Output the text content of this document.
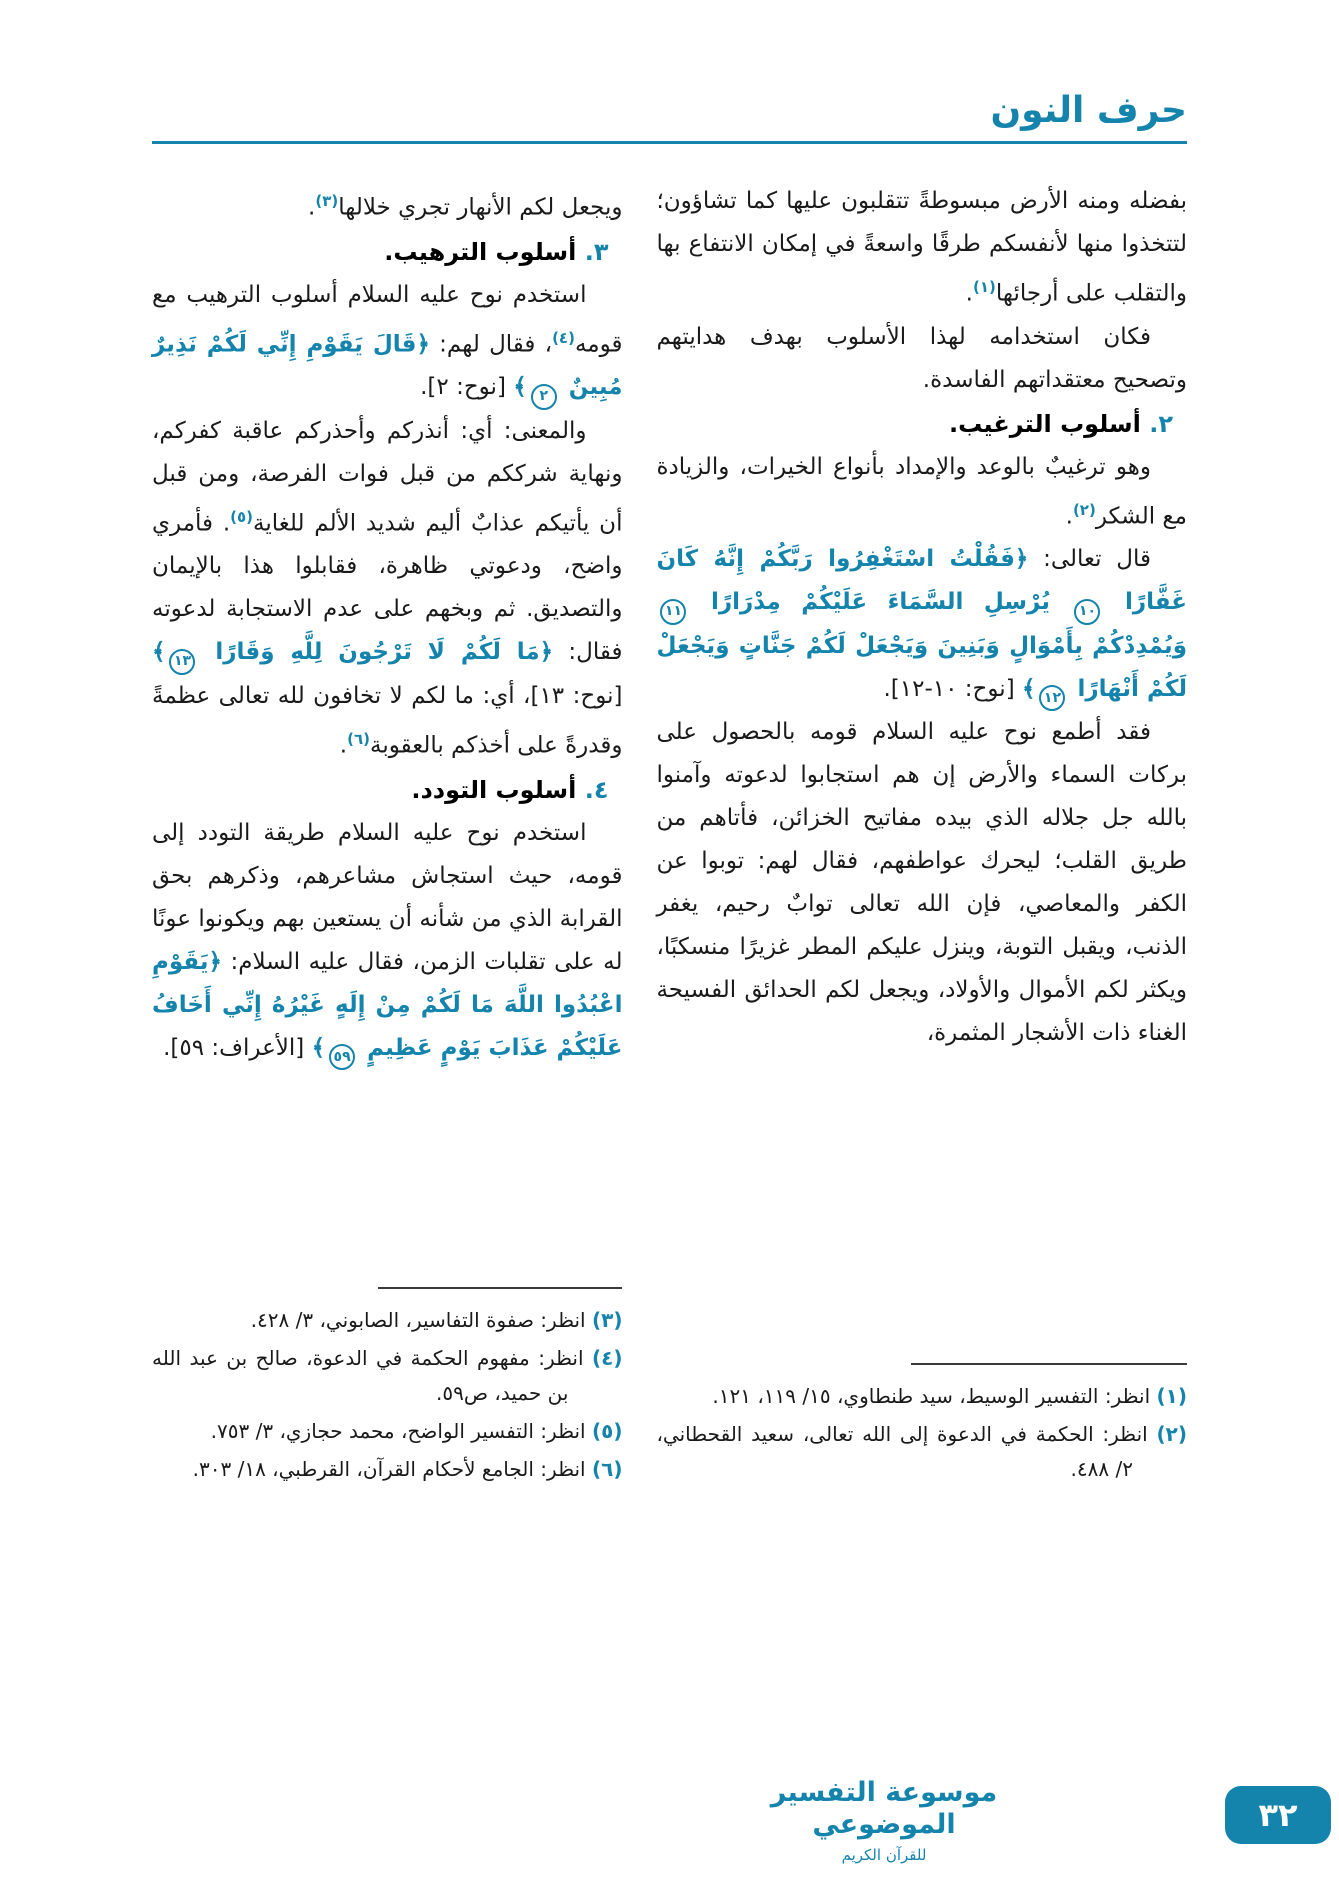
حرف النون

بفضله ومنه الأرض مبسوطةً تتقلبون عليها كما تشاؤون؛ لتتخذوا منها لأنفسكم طرقًا واسعةً في إمكان الانتفاع بها والتقلب على أرجائها$^{(١)}$.

فكان استخدامه لهذا الأسلوب بهدف هدايتهم وتصحيح معتقداتهم الفاسدة.

٢. أسلوب الترغيب.

وهو ترغيبٌ بالوعد والإمداد بأنواع الخيرات، والزيادة مع الشكر$^{(٢)}$.

قال تعالى: ﴿فَقُلْتُ اسْتَغْفِرُوا رَبَّكُمْ إِنَّهُ كَانَ غَفَّارًا ١٠ يُرْسِلِ السَّمَاءَ عَلَيْكُمْ مِدْرَارًا ١١ وَيُمْدِدْكُمْ بِأَمْوَالٍ وَبَنِينَ وَيَجْعَلْ لَكُمْ جَنَّاتٍ وَيَجْعَلْ لَكُمْ أَنْهَارًا ١٢﴾ [نوح: ١٠-١٢].

فقد أطمع نوح عليه السلام قومه بالحصول على بركات السماء والأرض إن هم استجابوا لدعوته وآمنوا بالله جل جلاله الذي بيده مفاتيح الخزائن، فأتاهم من طريق القلب؛ ليحرك عواطفهم، فقال لهم: توبوا عن الكفر والمعاصي، فإن الله تعالى توابٌ رحيم، يغفر الذنب، ويقبل التوبة، وينزل عليكم المطر غزيرًا منسكبًا، ويكثر لكم الأموال والأولاد، ويجعل لكم الحدائق الفسيحة الغناء ذات الأشجار المثمرة،

(١) انظر: التفسير الوسيط، سيد طنطاوي، ١٥/ ١١٩، ١٢١.

(٢) انظر: الحكمة في الدعوة إلى الله تعالى، سعيد القحطاني، ٢/ ٤٨٨.

ويجعل لكم الأنهار تجري خلالها$^{(٣)}$.

٣. أسلوب الترهيب.

استخدم نوح عليه السلام أسلوب الترهيب مع قومه$^{(٤)}$، فقال لهم: ﴿قَالَ يَقَوْمِ إِنِّي لَكُمْ نَذِيرٌ مُبِينٌ ٢﴾ [نوح: ٢].

والمعنى: أي: أنذركم وأحذركم عاقبة كفركم، ونهاية شرككم من قبل فوات الفرصة، ومن قبل أن يأتيكم عذابٌ أليم شديد الألم للغاية$^{(٥)}$. فأمري واضح، ودعوتي ظاهرة، فقابلوا هذا بالإيمان والتصديق. ثم وبخهم على عدم الاستجابة لدعوته فقال: ﴿مَا لَكُمْ لَا تَرْجُونَ لِلَّهِ وَقَارًا ١٣﴾ [نوح: ١٣]، أي: ما لكم لا تخافون لله تعالى عظمةً وقدرةً على أخذكم بالعقوبة$^{(٦)}$.

٤. أسلوب التودد.

استخدم نوح عليه السلام طريقة التودد إلى قومه، حيث استجاش مشاعرهم، وذكرهم بحق القرابة الذي من شأنه أن يستعين بهم ويكونوا عونًا له على تقلبات الزمن، فقال عليه السلام: ﴿يَقَوْمِ اعْبُدُوا اللَّهَ مَا لَكُمْ مِنْ إِلَهٍ غَيْرُهُ إِنِّي أَخَافُ عَلَيْكُمْ عَذَابَ يَوْمٍ عَظِيمٍ ٥٩﴾ [الأعراف: ٥٩].

(٣) انظر: صفوة التفاسير، الصابوني، ٣/ ٤٢٨.

(٤) انظر: مفهوم الحكمة في الدعوة، صالح بن عبد الله بن حميد، ص٥٩.

(٥) انظر: التفسير الواضح، محمد حجازي، ٣/ ٧٥٣.

(٦) انظر: الجامع لأحكام القرآن، القرطبي، ١٨/ ٣٠٣.

موسوعة التفسير الموضوعي
للقرآن الكريم
٣٢
